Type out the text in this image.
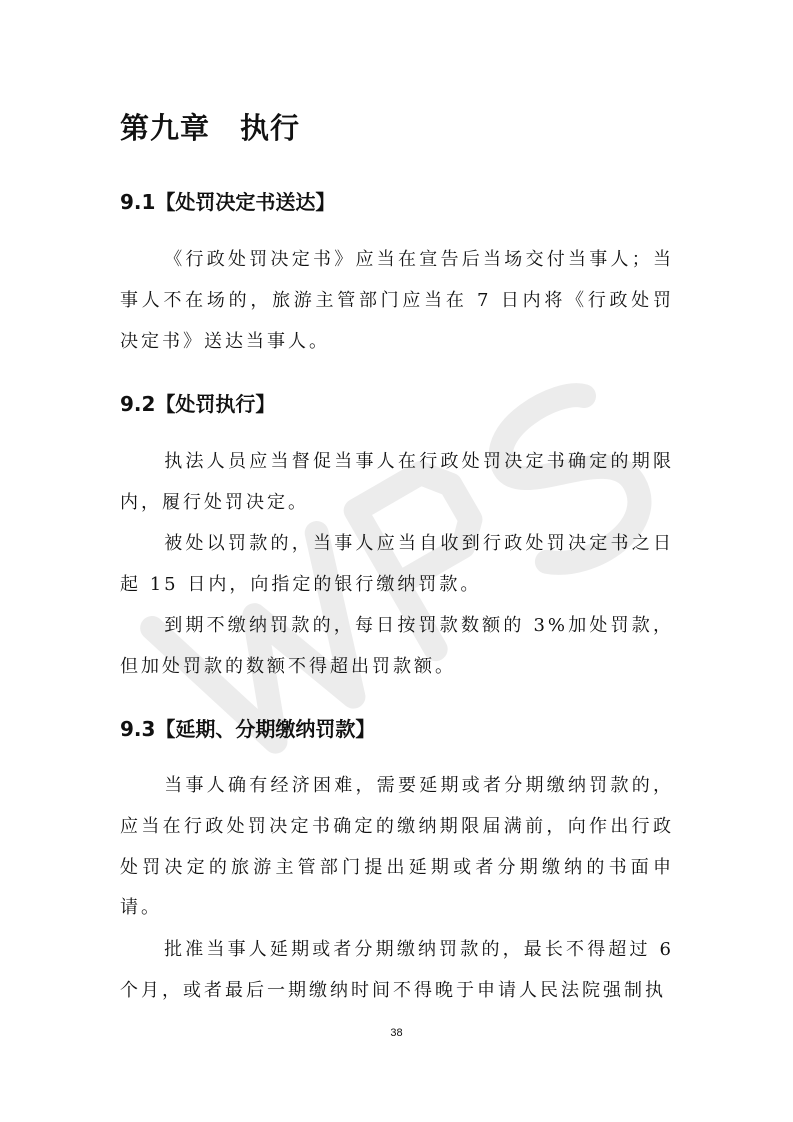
第九章　执行
9.1【处罚决定书送达】

《行政处罚决定书》应当在宣告后当场交付当事人；当事人不在场的，旅游主管部门应当在 7 日内将《行政处罚决定书》送达当事人。

9.2【处罚执行】

执法人员应当督促当事人在行政处罚决定书确定的期限内，履行处罚决定。

被处以罚款的，当事人应当自收到行政处罚决定书之日起 15 日内，向指定的银行缴纳罚款。

到期不缴纳罚款的，每日按罚款数额的 3%加处罚款，但加处罚款的数额不得超出罚款额。

9.3【延期、分期缴纳罚款】

当事人确有经济困难，需要延期或者分期缴纳罚款的，应当在行政处罚决定书确定的缴纳期限届满前，向作出行政处罚决定的旅游主管部门提出延期或者分期缴纳的书面申请。

批准当事人延期或者分期缴纳罚款的，最长不得超过 6个月，或者最后一期缴纳时间不得晚于申请人民法院强制执

38
